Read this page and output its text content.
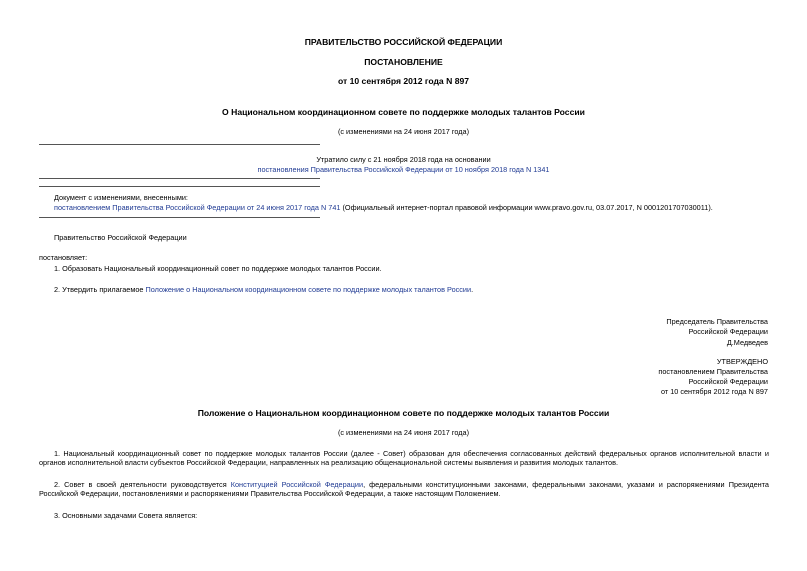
ПРАВИТЕЛЬСТВО РОССИЙСКОЙ ФЕДЕРАЦИИ
ПОСТАНОВЛЕНИЕ
от 10 сентября 2012 года N 897
О Национальном координационном совете по поддержке молодых талантов России
(с изменениями на 24 июня 2017 года)
Утратило силу с 21 ноября 2018 года на основании
постановления Правительства Российской Федерации от 10 ноября 2018 года N 1341
Документ с изменениями, внесенными:
постановлением Правительства Российской Федерации от 24 июня 2017 года N 741 (Официальный интернет-портал правовой информации www.pravo.gov.ru, 03.07.2017, N 0001201707030011).
Правительство Российской Федерации
постановляет:
1. Образовать Национальный координационный совет по поддержке молодых талантов России.
2. Утвердить прилагаемое Положение о Национальном координационном совете по поддержке молодых талантов России.
Председатель Правительства
Российской Федерации
Д.Медведев
УТВЕРЖДЕНО
постановлением Правительства
Российской Федерации
от 10 сентября 2012 года N 897
Положение о Национальном координационном совете по поддержке молодых талантов России
(с изменениями на 24 июня 2017 года)
1. Национальный координационный совет по поддержке молодых талантов России (далее - Совет) образован для обеспечения согласованных действий федеральных органов исполнительной власти и органов исполнительной власти субъектов Российской Федерации, направленных на реализацию общенациональной системы выявления и развития молодых талантов.
2. Совет в своей деятельности руководствуется Конституцией Российской Федерации, федеральными конституционными законами, федеральными законами, указами и распоряжениями Президента Российской Федерации, постановлениями и распоряжениями Правительства Российской Федерации, а также настоящим Положением.
3. Основными задачами Совета является:
